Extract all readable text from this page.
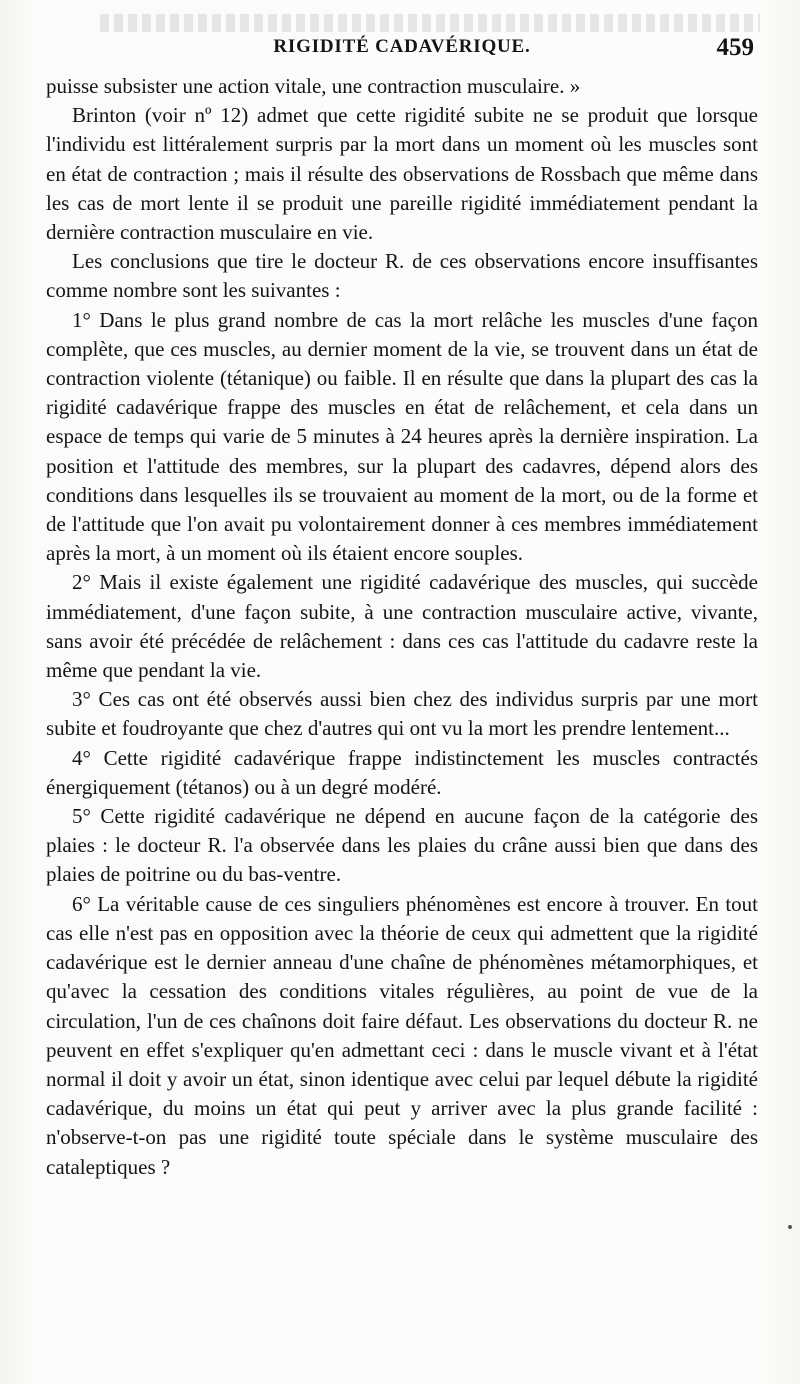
RIGIDITÉ CADAVÉRIQUE.	459

puisse subsister une action vitale, une contraction musculaire. »

Brinton (voir nº 12) admet que cette rigidité subite ne se produit que lorsque l'individu est littéralement surpris par la mort dans un moment où les muscles sont en état de contraction ; mais il résulte des observations de Rossbach que même dans les cas de mort lente il se produit une pareille rigidité immédiatement pendant la dernière contraction musculaire en vie.

Les conclusions que tire le docteur R. de ces observations encore insuffisantes comme nombre sont les suivantes :

1° Dans le plus grand nombre de cas la mort relâche les muscles d'une façon complète, que ces muscles, au dernier moment de la vie, se trouvent dans un état de contraction violente (tétanique) ou faible. Il en résulte que dans la plupart des cas la rigidité cadavérique frappe des muscles en état de relâchement, et cela dans un espace de temps qui varie de 5 minutes à 24 heures après la dernière inspiration. La position et l'attitude des membres, sur la plupart des cadavres, dépend alors des conditions dans lesquelles ils se trouvaient au moment de la mort, ou de la forme et de l'attitude que l'on avait pu volontairement donner à ces membres immédiatement après la mort, à un moment où ils étaient encore souples.

2° Mais il existe également une rigidité cadavérique des muscles, qui succède immédiatement, d'une façon subite, à une contraction musculaire active, vivante, sans avoir été précédée de relâchement : dans ces cas l'attitude du cadavre reste la même que pendant la vie.

3° Ces cas ont été observés aussi bien chez des individus surpris par une mort subite et foudroyante que chez d'autres qui ont vu la mort les prendre lentement...

4° Cette rigidité cadavérique frappe indistinctement les muscles contractés énergiquement (tétanos) ou à un degré modéré.

5° Cette rigidité cadavérique ne dépend en aucune façon de la catégorie des plaies : le docteur R. l'a observée dans les plaies du crâne aussi bien que dans des plaies de poitrine ou du bas-ventre.

6° La véritable cause de ces singuliers phénomènes est encore à trouver. En tout cas elle n'est pas en opposition avec la théorie de ceux qui admettent que la rigidité cadavérique est le dernier anneau d'une chaîne de phénomènes métamorphiques, et qu'avec la cessation des conditions vitales régulières, au point de vue de la circulation, l'un de ces chaînons doit faire défaut. Les observations du docteur R. ne peuvent en effet s'expliquer qu'en admettant ceci : dans le muscle vivant et à l'état normal il doit y avoir un état, sinon identique avec celui par lequel débute la rigidité cadavérique, du moins un état qui peut y arriver avec la plus grande facilité : n'observe-t-on pas une rigidité toute spéciale dans le système musculaire des cataleptiques ?
